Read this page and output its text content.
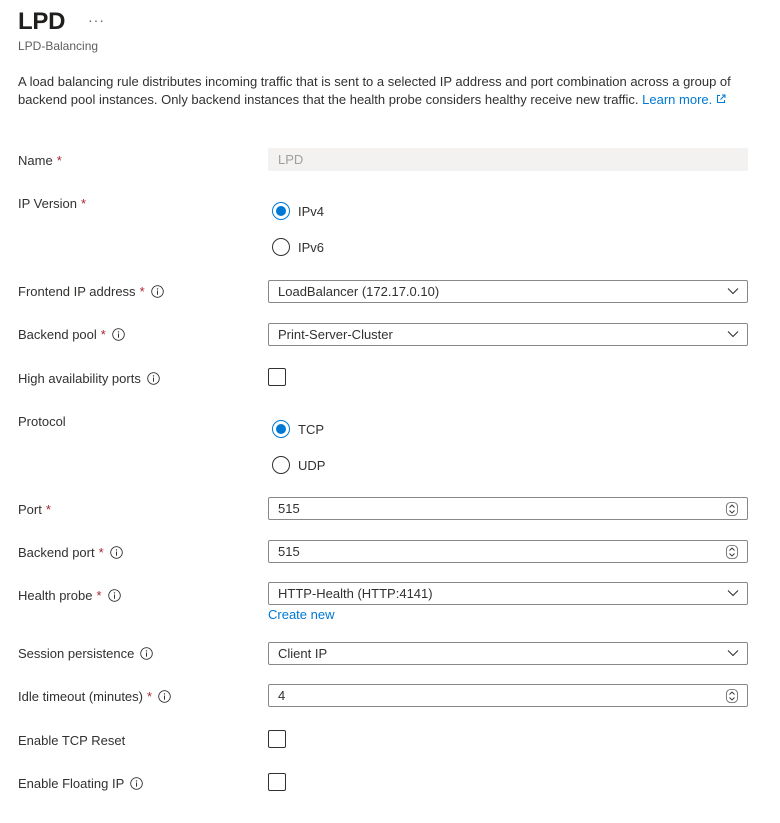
LPD ···
LPD-Balancing
A load balancing rule distributes incoming traffic that is sent to a selected IP address and port combination across a group of backend pool instances. Only backend instances that the health probe considers healthy receive new traffic. Learn more.
Name *	LPD
IP Version *	IPv4
IPv6
Frontend IP address *	LoadBalancer (172.17.0.10)
Backend pool *	Print-Server-Cluster
High availability ports
Protocol	TCP
UDP
Port *	515
Backend port *	515
Health probe *	HTTP-Health (HTTP:4141)
Create new
Session persistence	Client IP
Idle timeout (minutes) *	4
Enable TCP Reset
Enable Floating IP
